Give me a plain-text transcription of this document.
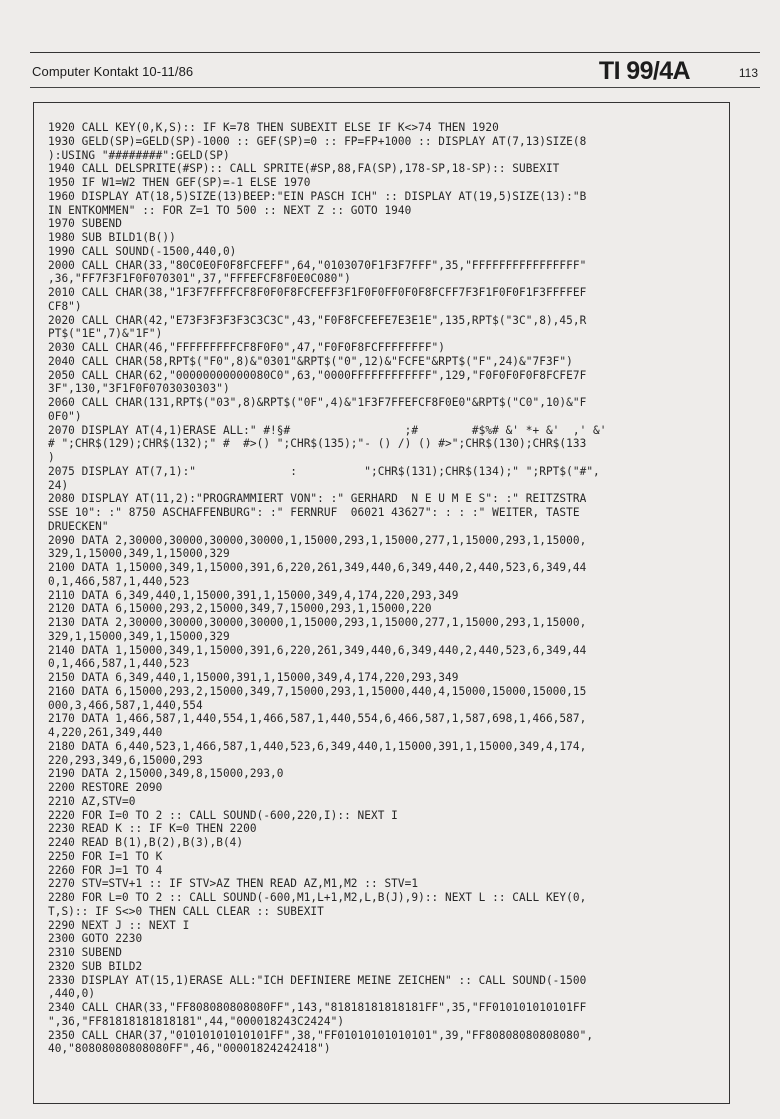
Computer Kontakt 10-11/86	TI 99/4A	113
1920 CALL KEY(0,K,S):: IF K=78 THEN SUBEXIT ELSE IF K<>74 THEN 1920
1930 GELD(SP)=GELD(SP)-1000 :: GEF(SP)=0 :: FP=FP+1000 :: DISPLAY AT(7,13)SIZE(8
):USING "########":GELD(SP)
1940 CALL DELSPRITE(#SP):: CALL SPRITE(#SP,88,FA(SP),178-SP,18-SP):: SUBEXIT
1950 IF W1=W2 THEN GEF(SP)=-1 ELSE 1970
1960 DISPLAY AT(18,5)SIZE(13)BEEP:"EIN PASCH ICH" :: DISPLAY AT(19,5)SIZE(13):"B
IN ENTKOMMEN" :: FOR Z=1 TO 500 :: NEXT Z :: GOTO 1940
1970 SUBEND
1980 SUB BILD1(B())
1990 CALL SOUND(-1500,440,0)
2000 CALL CHAR(33,"80C0E0F0F8FCFEFF",64,"0103070F1F3F7FFF",35,"FFFFFFFFFFFFFFFF"
,36,"FF7F3F1F0F070301",37,"FFFEFCF8F0E0C080")
2010 CALL CHAR(38,"1F3F7FFFFCF8F0F0F8FCFEFF3F1F0F0FF0F0F8FCFF7F3F1F0F0F1F3FFFFEF
CF8")
2020 CALL CHAR(42,"E73F3F3F3F3C3C3C",43,"F0F8FCFEFE7E3E1E",135,RPT$("3C",8),45,R
PT$("1E",7)&"1F")
2030 CALL CHAR(46,"FFFFFFFFFCF8F0F0",47,"F0F0F8FCFFFFFFFF")
2040 CALL CHAR(58,RPT$("F0",8)&"0301"&RPT$("0",12)&"FCFE"&RPT$("F",24)&"7F3F")
2050 CALL CHAR(62,"00000000000080C0",63,"0000FFFFFFFFFFFF",129,"F0F0F0F0F8FCFE7F
3F",130,"3F1F0F0703030303")
2060 CALL CHAR(131,RPT$("03",8)&RPT$("0F",4)&"1F3F7FFEFCF8F0E0"&RPT$("C0",10)&"F
0F0")
2070 DISPLAY AT(4,1)ERASE ALL:" #!§#                 ;#        #$%# &' *+ &'  ,' &'
# ";CHR$(129);CHR$(132);" #  #>() ";CHR$(135);"- () /) () #>";CHR$(130);CHR$(133
)
2075 DISPLAY AT(7,1):"              :          ";CHR$(131);CHR$(134);" ";RPT$("#",
24)
2080 DISPLAY AT(11,2):"PROGRAMMIERT VON": :" GERHARD  N E U M E S": :" REITZSTRA
SSE 10": :" 8750 ASCHAFFENBURG": :" FERNRUF  06021 43627": : : :" WEITER, TASTE
DRUECKEN"
2090 DATA 2,30000,30000,30000,30000,1,15000,293,1,15000,277,1,15000,293,1,15000,
329,1,15000,349,1,15000,329
2100 DATA 1,15000,349,1,15000,391,6,220,261,349,440,6,349,440,2,440,523,6,349,44
0,1,466,587,1,440,523
2110 DATA 6,349,440,1,15000,391,1,15000,349,4,174,220,293,349
2120 DATA 6,15000,293,2,15000,349,7,15000,293,1,15000,220
2130 DATA 2,30000,30000,30000,30000,1,15000,293,1,15000,277,1,15000,293,1,15000,
329,1,15000,349,1,15000,329
2140 DATA 1,15000,349,1,15000,391,6,220,261,349,440,6,349,440,2,440,523,6,349,44
0,1,466,587,1,440,523
2150 DATA 6,349,440,1,15000,391,1,15000,349,4,174,220,293,349
2160 DATA 6,15000,293,2,15000,349,7,15000,293,1,15000,440,4,15000,15000,15000,15
000,3,466,587,1,440,554
2170 DATA 1,466,587,1,440,554,1,466,587,1,440,554,6,466,587,1,587,698,1,466,587,
4,220,261,349,440
2180 DATA 6,440,523,1,466,587,1,440,523,6,349,440,1,15000,391,1,15000,349,4,174,
220,293,349,6,15000,293
2190 DATA 2,15000,349,8,15000,293,0
2200 RESTORE 2090
2210 AZ,STV=0
2220 FOR I=0 TO 2 :: CALL SOUND(-600,220,I):: NEXT I
2230 READ K :: IF K=0 THEN 2200
2240 READ B(1),B(2),B(3),B(4)
2250 FOR I=1 TO K
2260 FOR J=1 TO 4
2270 STV=STV+1 :: IF STV>AZ THEN READ AZ,M1,M2 :: STV=1
2280 FOR L=0 TO 2 :: CALL SOUND(-600,M1,L+1,M2,L,B(J),9):: NEXT L :: CALL KEY(0,
T,S):: IF S<>0 THEN CALL CLEAR :: SUBEXIT
2290 NEXT J :: NEXT I
2300 GOTO 2230
2310 SUBEND
2320 SUB BILD2
2330 DISPLAY AT(15,1)ERASE ALL:"ICH DEFINIERE MEINE ZEICHEN" :: CALL SOUND(-1500
,440,0)
2340 CALL CHAR(33,"FF808080808080FF",143,"81818181818181FF",35,"FF010101010101FF
",36,"FF81818181818181",44,"000018243C2424")
2350 CALL CHAR(37,"01010101010101FF",38,"FF01010101010101",39,"FF80808080808080",
40,"80808080808080FF",46,"00001824242418")
